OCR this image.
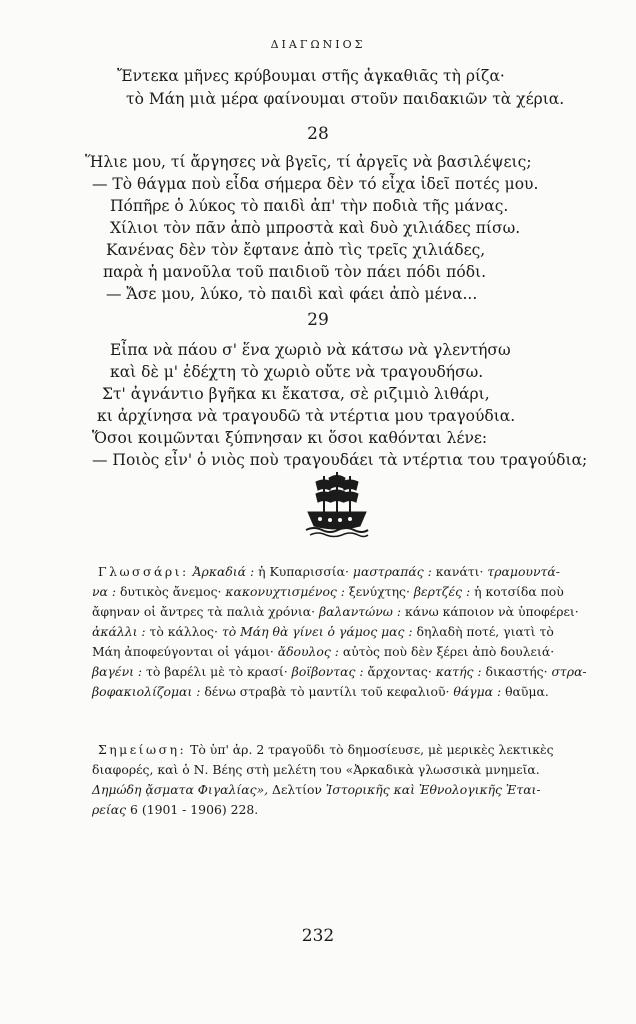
ΔΙΑΓΩΝΙΟΣ
Ἔντεκα μῆνες κρύβουμαι στῆς ἀγκαθιᾶς τὴ ρίζα·
τὸ Μάη μιὰ μέρα φαίνουμαι στοῦν παιδακιῶν τὰ χέρια.
28
Ἥλιε μου, τί ἄργησες νὰ βγεῖς, τί ἀργεῖς νὰ βασιλέψεις;
— Τὸ θάγμα ποὺ εἶδα σήμερα δὲν τό εἶχα ἰδεῖ ποτές μου.
Πόπῆρε ὁ λύκος τὸ παιδὶ ἀπ' τὴν ποδιὰ τῆς μάνας.
Χίλιοι τὸν πᾶν ἀπὸ μπροστὰ καὶ δυὸ χιλιάδες πίσω.
Κανένας δὲν τὸν ἔφτανε ἀπὸ τὶς τρεῖς χιλιάδες,
παρὰ ἡ μανοῦλα τοῦ παιδιοῦ τὸν πάει πόδι πόδι.
— Ἄσε μου, λύκο, τὸ παιδὶ καὶ φάει ἀπὸ μένα...
29
Εἶπα νὰ πάου σ' ἕνα χωριὸ νὰ κάτσω νὰ γλεντήσω
καὶ δὲ μ' ἐδέχτη τὸ χωριὸ οὔτε νὰ τραγουδήσω.
Στ' ἀγνάντιο βγῆκα κι ἔκατσα, σὲ ριζιμιὸ λιθάρι,
κι ἀρχίνησα νὰ τραγουδῶ τὰ ντέρτια μου τραγούδια.
Ὅσοι κοιμῶνται ξύπνησαν κι ὅσοι καθόνται λένε:
— Ποιὸς εἶν' ὁ νιὸς ποὺ τραγουδάει τὰ ντέρτια του τραγούδια;
Γλωσσάρι: Ἀρκαδιά : ἡ Κυπαρισσία· μαστραπάς : κανάτι· τραμουντά-
να : δυτικὸς ἄνεμος· κακονυχτισμένος : ξενύχτης· βερτζές : ἡ κοτσίδα ποὺ
ἄφηναν οἱ ἄντρες τὰ παλιὰ χρόνια· βαλαντώνω : κάνω κάποιον νὰ ὑποφέρει·
ἀκάλλι : τὸ κάλλος· τὸ Μάη θὰ γίνει ὁ γάμος μας : δηλαδὴ ποτέ, γιατὶ τὸ
Μάη ἀποφεύγονται οἱ γάμοι· ἄδουλος : αὐτὸς ποὺ δὲν ξέρει ἀπὸ δουλειά·
βαγένι : τὸ βαρέλι μὲ τὸ κρασί· βοϊβοντας : ἄρχοντας· κατής : δικαστής· στρα-
βοφακιολίζομαι : δένω στραβὰ τὸ μαντίλι τοῦ κεφαλιοῦ· θάγμα : θαῦμα.
Σημείωση: Τὸ ὑπ' ἀρ. 2 τραγοῦδι τὸ δημοσίευσε, μὲ μερικὲς λεκτικὲς
διαφορές, καὶ ὁ Ν. Βέης στὴ μελέτη του «Ἀρκαδικὰ γλωσσικὰ μνημεῖα.
Δημώδη ᾄσματα Φιγαλίας», Δελτίον Ἱστορικῆς καὶ Ἐθνολογικῆς Ἑται-
ρείας 6 (1901 - 1906) 228.
232
